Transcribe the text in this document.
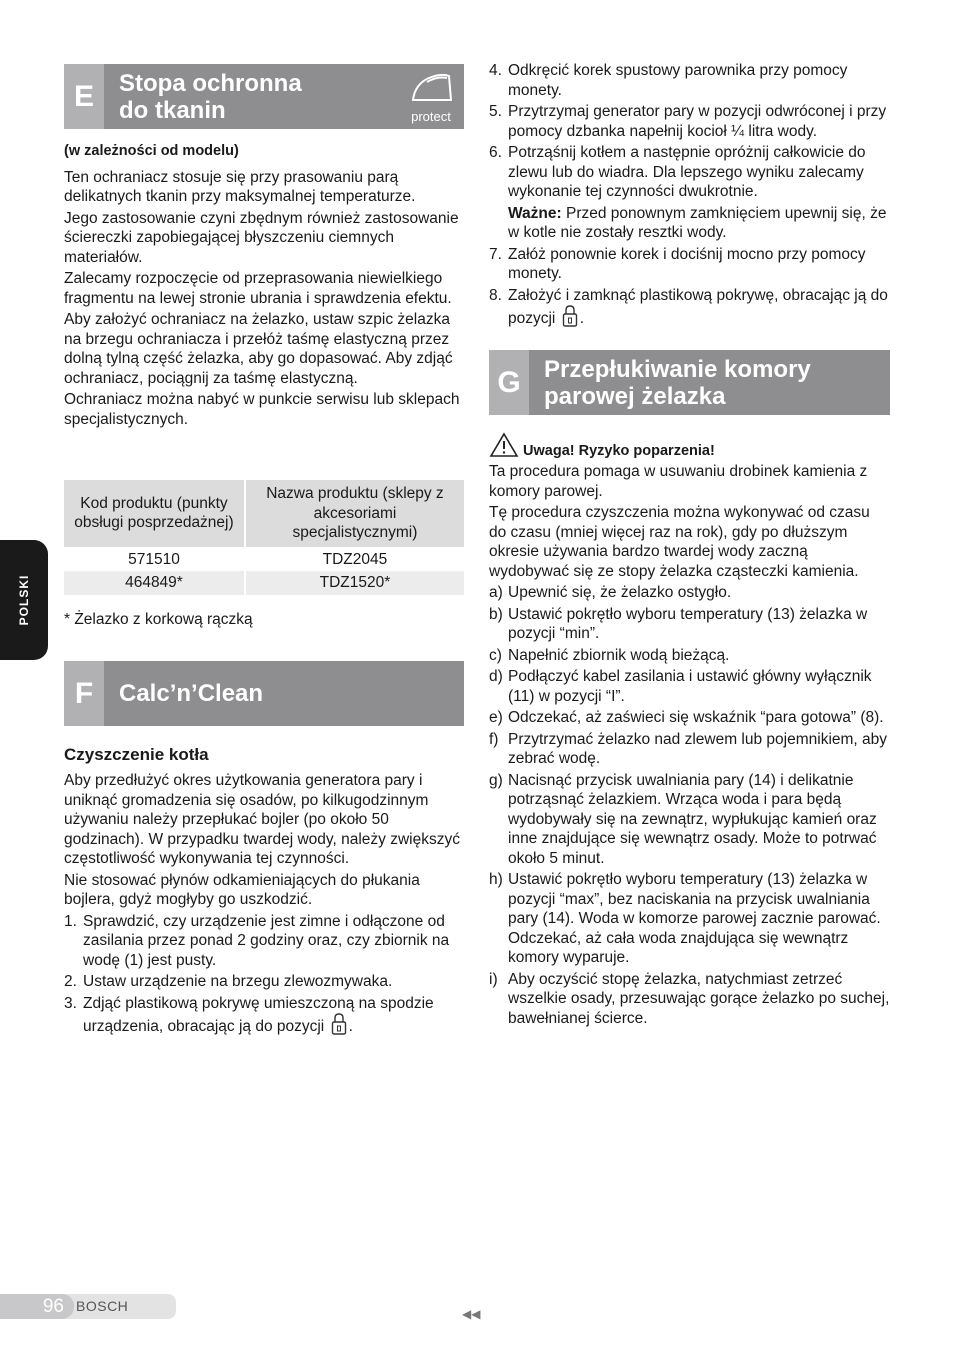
POLSKI
E	Stopa ochronna
do tkanin	protect

(w zależności od modelu)

Ten ochraniacz stosuje się przy prasowaniu parą delikatnych tkanin przy maksymalnej temperaturze.

Jego zastosowanie czyni zbędnym również zastosowanie ściereczki zapobiegającej błyszczeniu ciemnych materiałów.

Zalecamy rozpoczęcie od przeprasowania niewielkiego fragmentu na lewej stronie ubrania i sprawdzenia efektu.

Aby założyć ochraniacz na żelazko, ustaw szpic żelazka na brzegu ochraniacza i przełóż taśmę elastyczną przez dolną tylną część żelazka, aby go dopasować. Aby zdjąć ochraniacz, pociągnij za taśmę elastyczną.

Ochraniacz można nabyć w punkcie serwisu lub sklepach specjalistycznych.

Kod produktu (punkty obsługi posprzedażnej)	Nazwa produktu (sklepy z akcesoriami specjalistycznymi)
571510	TDZ2045
464849*	TDZ1520*

* Żelazko z korkową rączką

F	Calc’n’Clean
Czyszczenie kotła

Aby przedłużyć okres użytkowania generatora pary i uniknąć gromadzenia się osadów, po kilkugodzinnym używaniu należy przepłukać bojler (po około 50 godzinach). W przypadku twardej wody, należy zwiększyć częstotliwość wykonywania tej czynności.

Nie stosować płynów odkamieniających do płukania bojlera, gdyż mogłyby go uszkodzić.

1. Sprawdzić, czy urządzenie jest zimne i odłączone od zasilania przez ponad 2 godziny oraz, czy zbiornik na wodę (1) jest pusty.
2. Ustaw urządzenie na brzegu zlewozmywaka.
3. Zdjąć plastikową pokrywę umieszczoną na spodzie urządzenia, obracając ją do pozycji .
4. Odkręcić korek spustowy parownika przy pomocy monety.
5. Przytrzymaj generator pary w pozycji odwróconej i przy pomocy dzbanka napełnij kocioł ¼ litra wody.
6. Potrząśnij kotłem a następnie opróżnij całkowicie do zlewu lub do wiadra. Dla lepszego wyniku zalecamy wykonanie tej czynności dwukrotnie.
Ważne: Przed ponownym zamknięciem upewnij się, że w kotle nie zostały resztki wody.
7. Załóż ponownie korek i dociśnij mocno przy pomocy monety.
8. Założyć i zamknąć plastikową pokrywę, obracając ją do pozycji .
G Przepłukiwanie komory
parowej żelazka
Uwaga! Ryzyko poparzenia!

Ta procedura pomaga w usuwaniu drobinek kamienia z komory parowej.

Tę procedura czyszczenia można wykonywać od czasu do czasu (mniej więcej raz na rok), gdy po dłuższym okresie używania bardzo twardej wody zaczną wydobywać się ze stopy żelazka cząsteczki kamienia.

a) Upewnić się, że żelazko ostygło.
b) Ustawić pokrętło wyboru temperatury (13) żelazka w pozycji “min”.
c) Napełnić zbiornik wodą bieżącą.
d) Podłączyć kabel zasilania i ustawić główny wyłącznik (11) w pozycji “I”.
e) Odczekać, aż zaświeci się wskaźnik “para gotowa” (8).
f) Przytrzymać żelazko nad zlewem lub pojemnikiem, aby zebrać wodę.
g) Nacisnąć przycisk uwalniania pary (14) i delikatnie potrząsnąć żelazkiem. Wrząca woda i para będą wydobywały się na zewnątrz, wypłukując kamień oraz inne znajdujące się wewnątrz osady. Może to potrwać około 5 minut.
h) Ustawić pokrętło wyboru temperatury (13) żelazka w pozycji “max”, bez naciskania na przycisk uwalniania pary (14). Woda w komorze parowej zacznie parować. Odczekać, aż cała woda znajdująca się wewnątrz komory wyparuje.
i) Aby oczyścić stopę żelazka, natychmiast zetrzeć wszelkie osady, przesuwając gorące żelazko po suchej, bawełnianej ścierce.
96 BOSCH	◀◀
